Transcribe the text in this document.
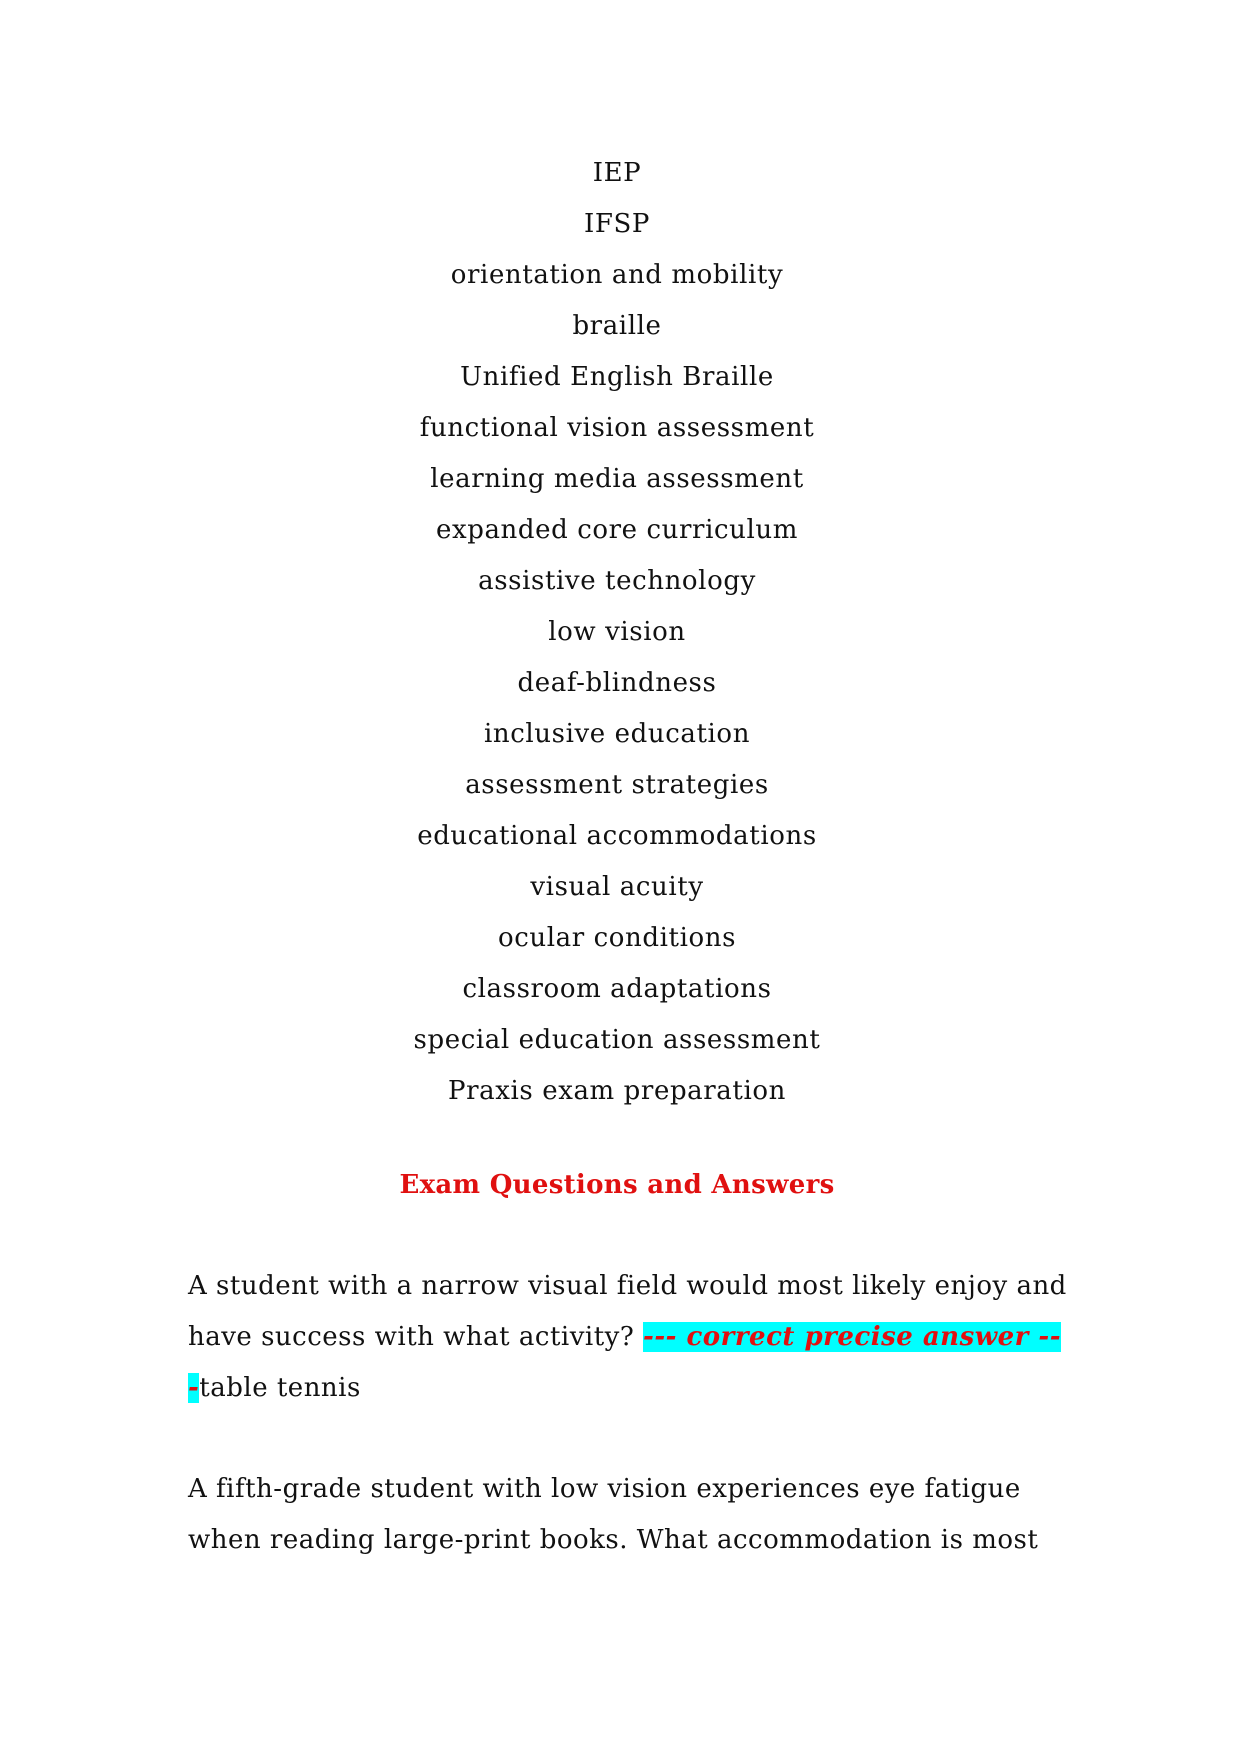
IEP
IFSP
orientation and mobility
braille
Unified English Braille
functional vision assessment
learning media assessment
expanded core curriculum
assistive technology
low vision
deaf-blindness
inclusive education
assessment strategies
educational accommodations
visual acuity
ocular conditions
classroom adaptations
special education assessment
Praxis exam preparation
Exam Questions and Answers

A student with a narrow visual field would most likely enjoy and have success with what activity? --- correct precise answer ---table tennis

A fifth-grade student with low vision experiences eye fatigue when reading large-print books. What accommodation is most
